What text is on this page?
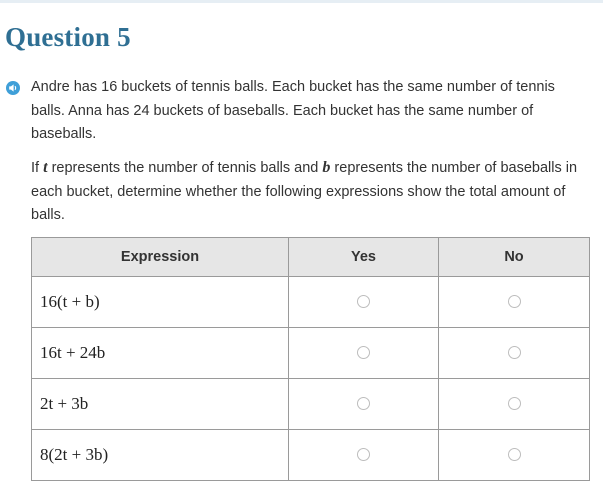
Question 5
Andre has 16 buckets of tennis balls. Each bucket has the same number of tennis balls. Anna has 24 buckets of baseballs. Each bucket has the same number of baseballs.
If t represents the number of tennis balls and b represents the number of baseballs in each bucket, determine whether the following expressions show the total amount of balls.
Expression	Yes	No
16(t + b)		
16t + 24b		
2t + 3b		
8(2t + 3b)		
